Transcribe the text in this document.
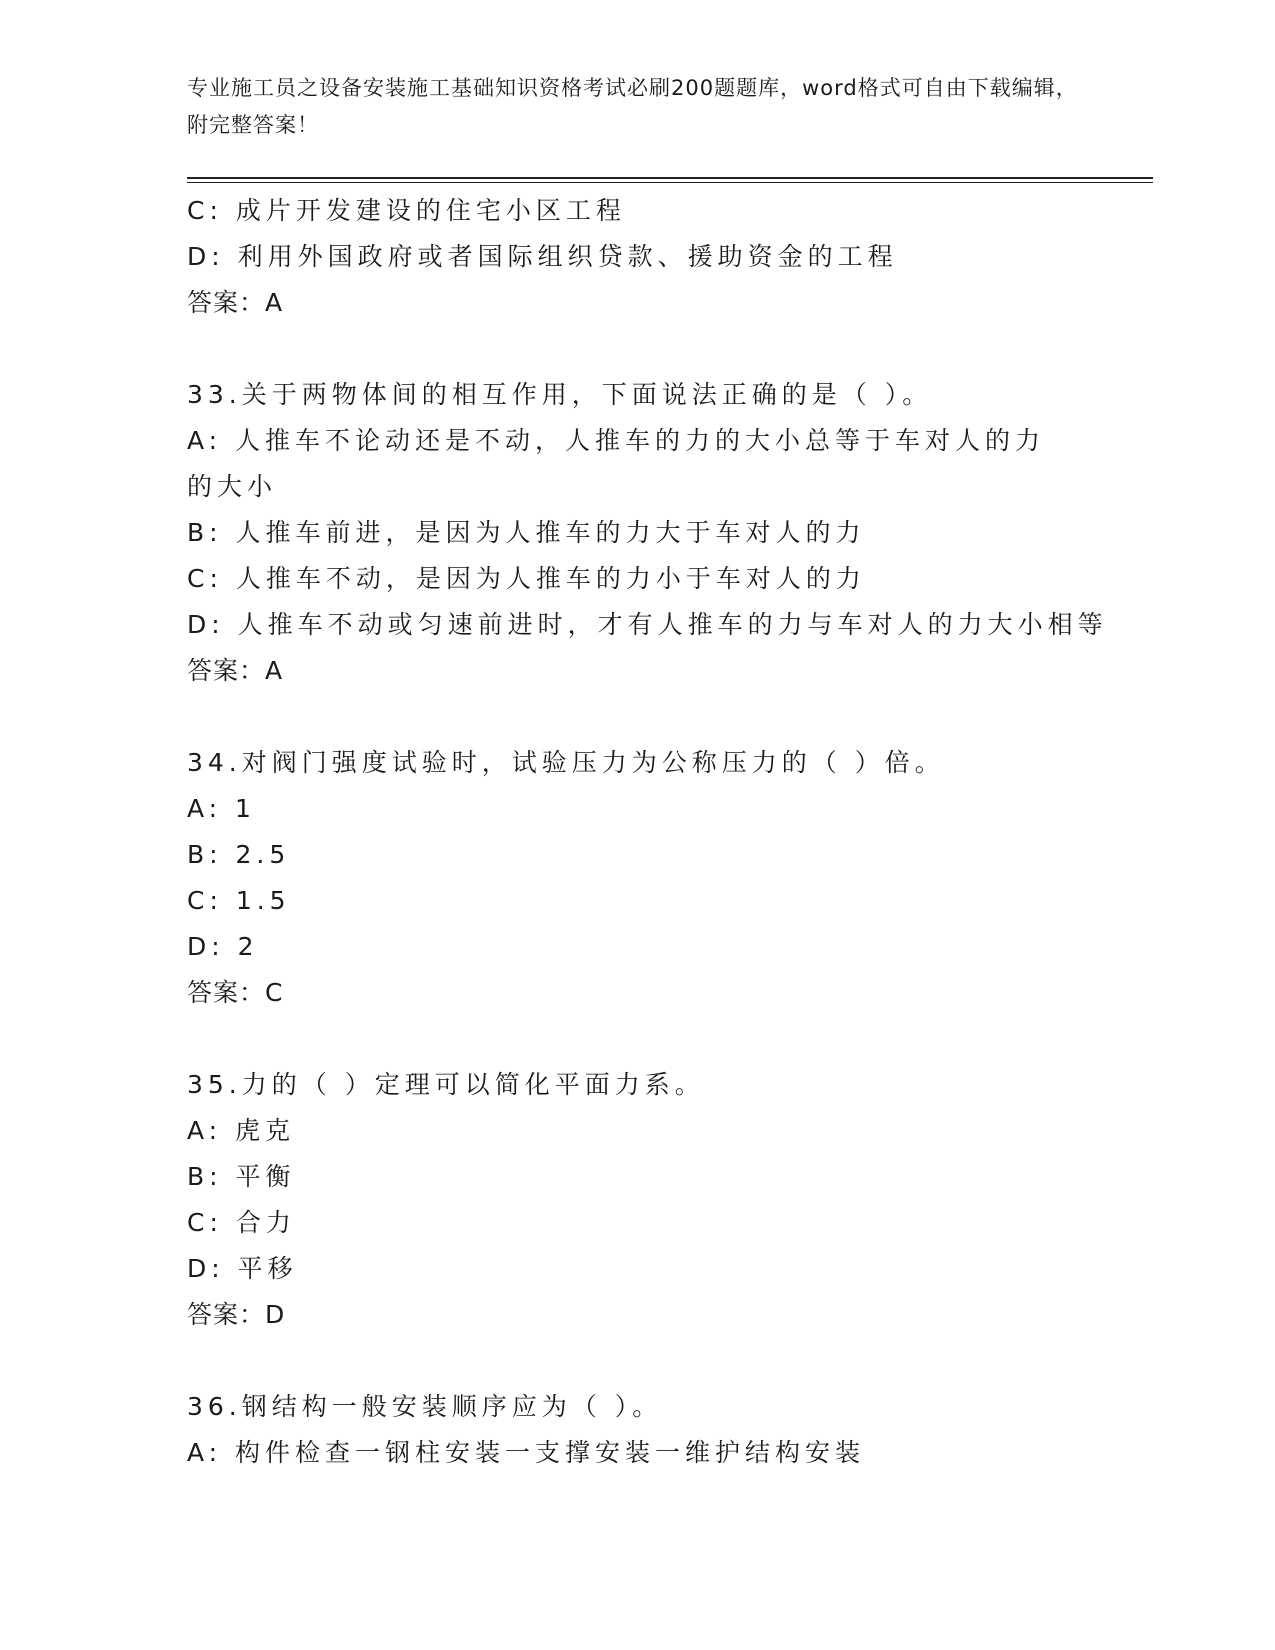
专业施工员之设备安装施工基础知识资格考试必刷200题题库，word格式可自由下载编辑，附完整答案！
C: 成片开发建设的住宅小区工程
D: 利用外国政府或者国际组织贷款、援助资金的工程
答案：A
33.关于两物体间的相互作用，下面说法正确的是（ ）。
A: 人推车不论动还是不动，人推车的力的大小总等于车对人的力的大小
B: 人推车前进，是因为人推车的力大于车对人的力
C: 人推车不动，是因为人推车的力小于车对人的力
D: 人推车不动或匀速前进时，才有人推车的力与车对人的力大小相等
答案：A
34.对阀门强度试验时，试验压力为公称压力的（ ）倍。
A: 1
B: 2.5
C: 1.5
D: 2
答案：C
35.力的（ ）定理可以简化平面力系。
A: 虎克
B: 平衡
C: 合力
D: 平移
答案：D
36.钢结构一般安装顺序应为（ ）。
A: 构件检查一钢柱安装一支撑安装一维护结构安装
